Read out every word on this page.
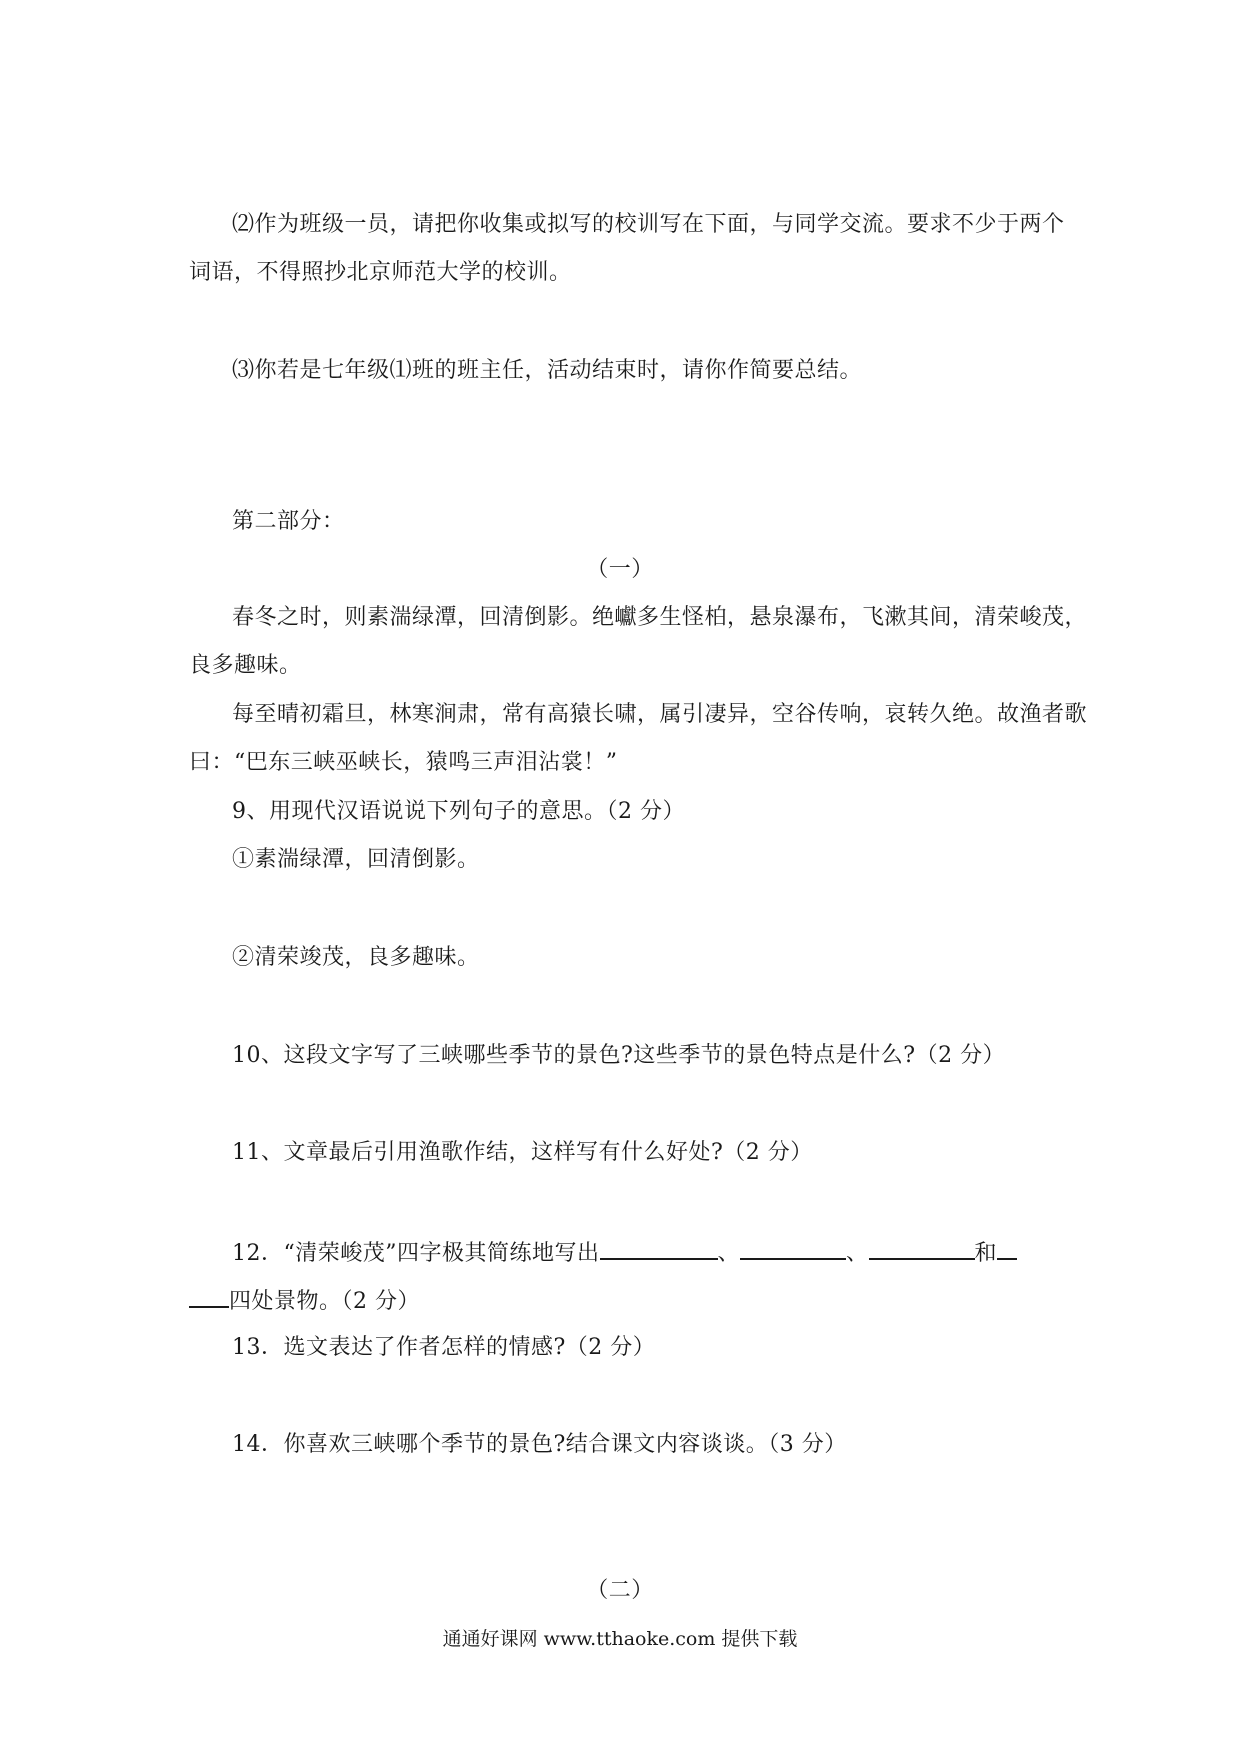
⑵作为班级一员，请把你收集或拟写的校训写在下面，与同学交流。要求不少于两个
词语，不得照抄北京师范大学的校训。
⑶你若是七年级⑴班的班主任，活动结束时，请你作简要总结。
第二部分：
（一）
春冬之时，则素湍绿潭，回清倒影。绝巘多生怪柏，悬泉瀑布，飞漱其间，清荣峻茂，
良多趣味。
每至晴初霜旦，林寒涧肃，常有高猿长啸，属引凄异，空谷传响，哀转久绝。故渔者歌
曰：“巴东三峡巫峡长，猿鸣三声泪沾裳！”
9、用现代汉语说说下列句子的意思。（2 分）
①素湍绿潭，回清倒影。
②清荣竣茂，良多趣味。
10、这段文字写了三峡哪些季节的景色?这些季节的景色特点是什么?（2 分）
11、文章最后引用渔歌作结，这样写有什么好处?（2 分）
12．“清荣峻茂”四字极其简练地写出	、	、	和
四处景物。（2 分）
13．选文表达了作者怎样的情感?（2 分）
14．你喜欢三峡哪个季节的景色?结合课文内容谈谈。（3 分）
（二）
通通好课网 www.tthaoke.com 提供下载
